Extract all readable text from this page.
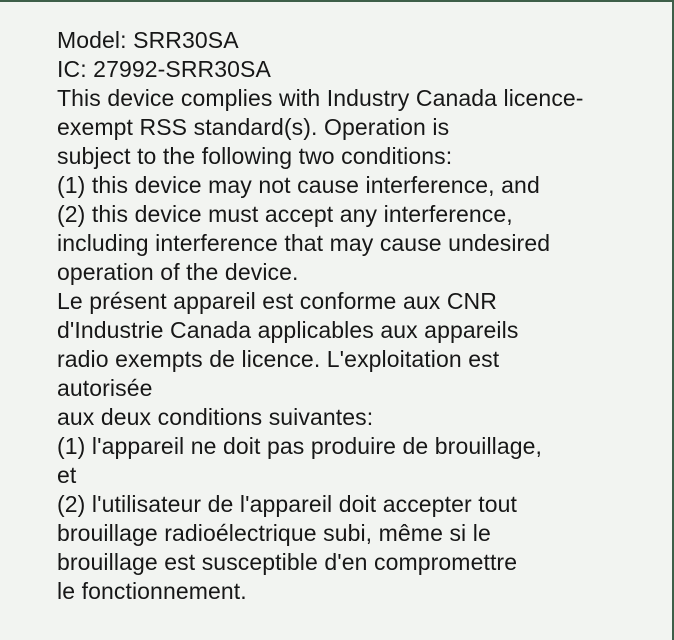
Model: SRR30SA
IC: 27992-SRR30SA
This device complies with Industry Canada licence-
exempt RSS standard(s). Operation is
subject to the following two conditions:
(1) this device may not cause interference, and
(2) this device must accept any interference,
including interference that may cause undesired
operation of the device.
Le présent appareil est conforme aux CNR
d'Industrie Canada applicables aux appareils
radio exempts de licence. L'exploitation est
autorisée
aux deux conditions suivantes:
(1) l'appareil ne doit pas produire de brouillage,
et
(2) l'utilisateur de l'appareil doit accepter tout
brouillage radioélectrique subi, même si le
brouillage est susceptible d'en compromettre
le fonctionnement.
